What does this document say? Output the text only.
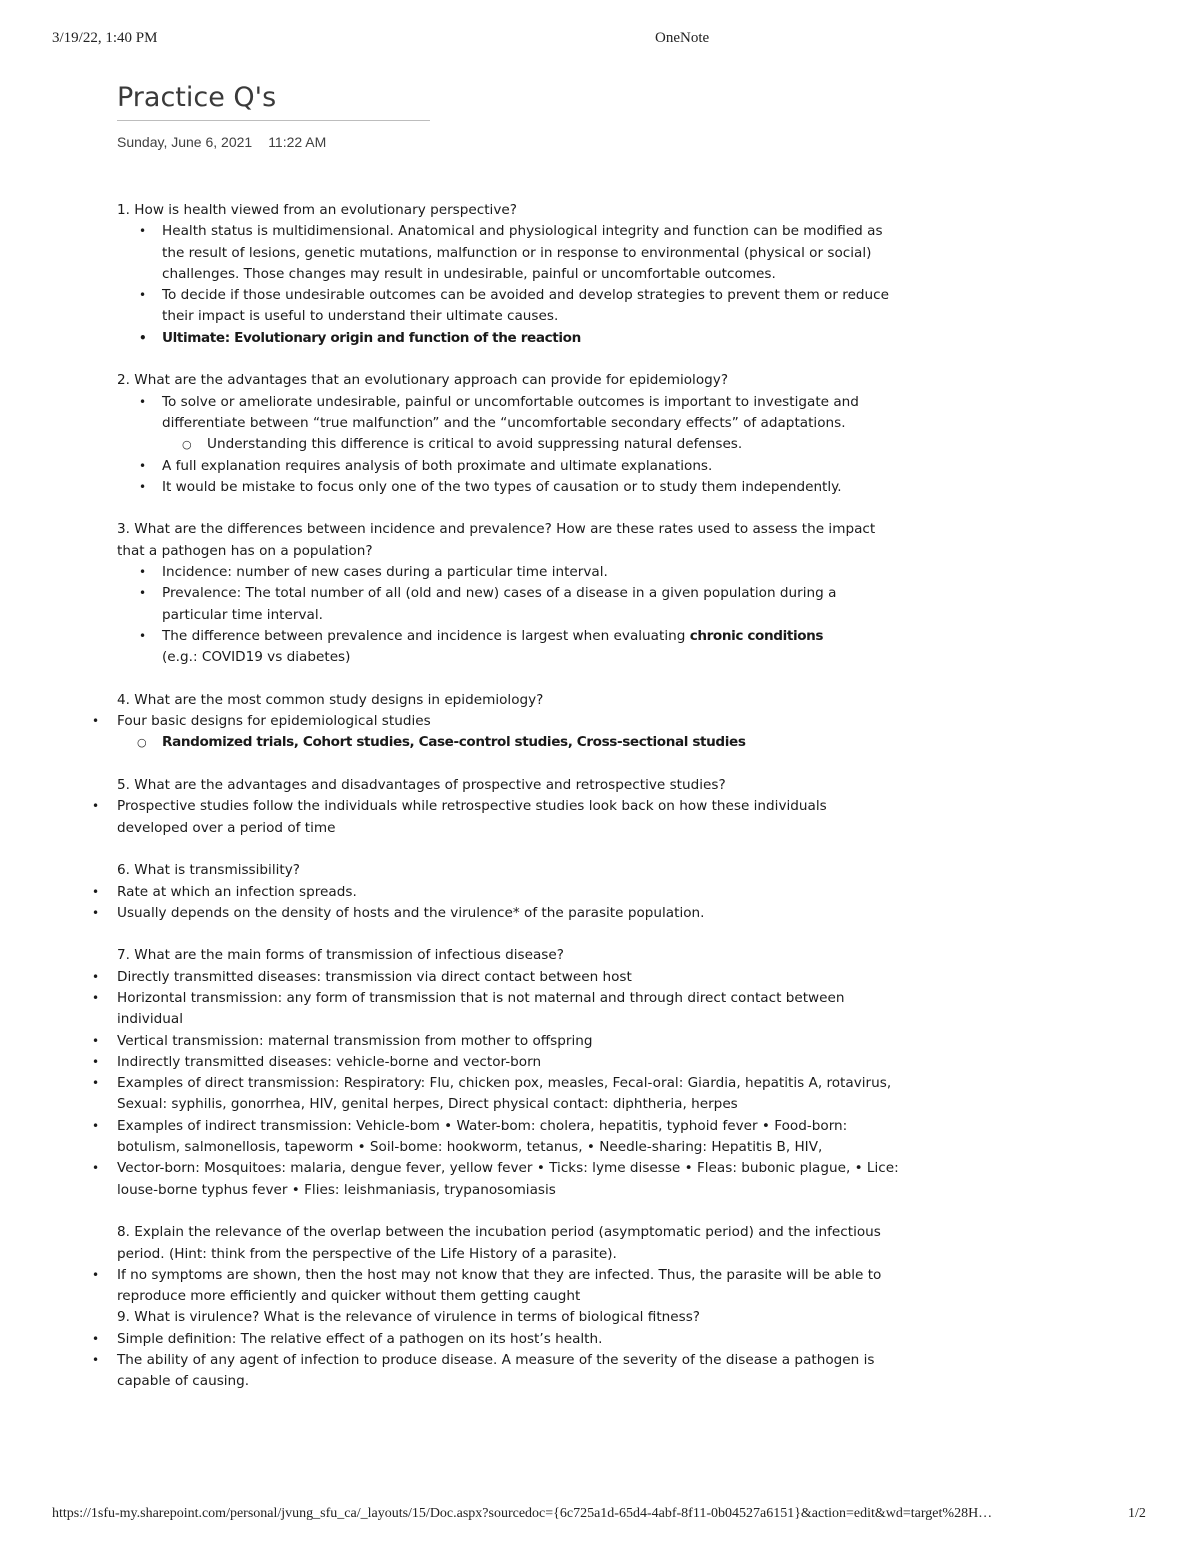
3/19/22, 1:40 PM	OneNote
Practice Q's
Sunday, June 6, 2021 11:22 AM
1. How is health viewed from an evolutionary perspective?
• Health status is multidimensional. Anatomical and physiological integrity and function can be modified as the result of lesions, genetic mutations, malfunction or in response to environmental (physical or social) challenges. Those changes may result in undesirable, painful or uncomfortable outcomes.
• To decide if those undesirable outcomes can be avoided and develop strategies to prevent them or reduce their impact is useful to understand their ultimate causes.
• Ultimate: Evolutionary origin and function of the reaction
2. What are the advantages that an evolutionary approach can provide for epidemiology?
• To solve or ameliorate undesirable, painful or uncomfortable outcomes is important to investigate and differentiate between “true malfunction” and the “uncomfortable secondary effects” of adaptations.
○ Understanding this difference is critical to avoid suppressing natural defenses.
• A full explanation requires analysis of both proximate and ultimate explanations.
• It would be mistake to focus only one of the two types of causation or to study them independently.
3. What are the differences between incidence and prevalence? How are these rates used to assess the impact that a pathogen has on a population?
• Incidence: number of new cases during a particular time interval.
• Prevalence: The total number of all (old and new) cases of a disease in a given population during a particular time interval.
• The difference between prevalence and incidence is largest when evaluating chronic conditions
(e.g.: COVID19 vs diabetes)
4. What are the most common study designs in epidemiology?
• Four basic designs for epidemiological studies
○ Randomized trials, Cohort studies, Case-control studies, Cross-sectional studies
5. What are the advantages and disadvantages of prospective and retrospective studies?
• Prospective studies follow the individuals while retrospective studies look back on how these individuals developed over a period of time
6. What is transmissibility?
• Rate at which an infection spreads.
• Usually depends on the density of hosts and the virulence* of the parasite population.
7. What are the main forms of transmission of infectious disease?
• Directly transmitted diseases: transmission via direct contact between host
• Horizontal transmission: any form of transmission that is not maternal and through direct contact between individual
• Vertical transmission: maternal transmission from mother to offspring
• Indirectly transmitted diseases: vehicle-borne and vector-born
• Examples of direct transmission: Respiratory: Flu, chicken pox, measles, Fecal-oral: Giardia, hepatitis A, rotavirus, Sexual: syphilis, gonorrhea, HIV, genital herpes, Direct physical contact: diphtheria, herpes
• Examples of indirect transmission: Vehicle-bom • Water-bom: cholera, hepatitis, typhoid fever • Food-born: botulism, salmonellosis, tapeworm • Soil-bome: hookworm, tetanus, • Needle-sharing: Hepatitis B, HIV,
• Vector-born: Mosquitoes: malaria, dengue fever, yellow fever • Ticks: lyme disesse • Fleas: bubonic plague, • Lice: louse-borne typhus fever • Flies: leishmaniasis, trypanosomiasis
8. Explain the relevance of the overlap between the incubation period (asymptomatic period) and the infectious period. (Hint: think from the perspective of the Life History of a parasite).
• If no symptoms are shown, then the host may not know that they are infected. Thus, the parasite will be able to reproduce more efficiently and quicker without them getting caught
9. What is virulence? What is the relevance of virulence in terms of biological fitness?
• Simple definition: The relative effect of a pathogen on its host’s health.
• The ability of any agent of infection to produce disease. A measure of the severity of the disease a pathogen is capable of causing.
https://1sfu-my.sharepoint.com/personal/jvung_sfu_ca/_layouts/15/Doc.aspx?sourcedoc={6c725a1d-65d4-4abf-8f11-0b04527a6151}&action=edit&wd=target%28H…	1/2
